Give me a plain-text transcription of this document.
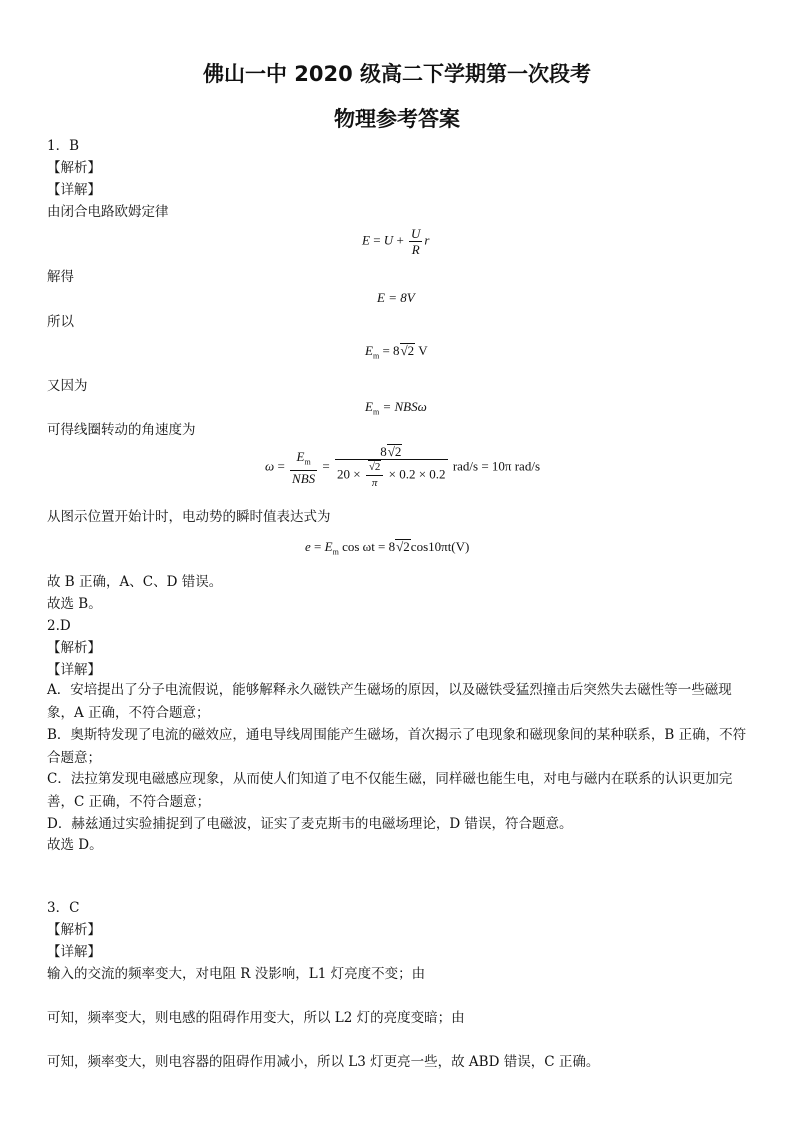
佛山一中 2020 级高二下学期第一次段考
物理参考答案
1．B
【解析】
【详解】
由闭合电路欧姆定律
$E = U + \frac{U}{R}$ r
解得
E = 8V
所以
$E_m = 8√2$ V
又因为
$E_m = NBS\omega$
可得线圈转动的角速度为
$\omega = \frac{E_m}{\text{NBS}} = \frac{8√2}{20 \times \frac{√2}{\pi} \times 0.2 \times 0.2} rad/s = 10\pi$ rad/s
从图示位置开始计时，电动势的瞬时值表达式为
$e = E_m$ cos ωt = 8√2cos10πt(V)
故 B 正确，A、C、D 错误。
故选 B。
2.D
【解析】
【详解】
A．安培提出了分子电流假说，能够解释永久磁铁产生磁场的原因，以及磁铁受猛烈撞击后突然失去磁性等一些磁现象，A 正确，不符合题意；
B．奥斯特发现了电流的磁效应，通电导线周围能产生磁场，首次揭示了电现象和磁现象间的某种联系，B 正确，不符合题意；
C．法拉第发现电磁感应现象，从而使人们知道了电不仅能生磁，同样磁也能生电，对电与磁内在联系的认识更加完善，C 正确，不符合题意；
D．赫兹通过实验捕捉到了电磁波，证实了麦克斯韦的电磁场理论，D 错误，符合题意。
故选 D。
3．C
【解析】
【详解】
输入的交流的频率变大，对电阻 R 没影响，L1 灯亮度不变；由
可知，频率变大，则电感的阻碍作用变大，所以 L2 灯的亮度变暗；由
可知，频率变大，则电容器的阻碍作用减小，所以 L3 灯更亮一些，故 ABD 错误，C 正确。
